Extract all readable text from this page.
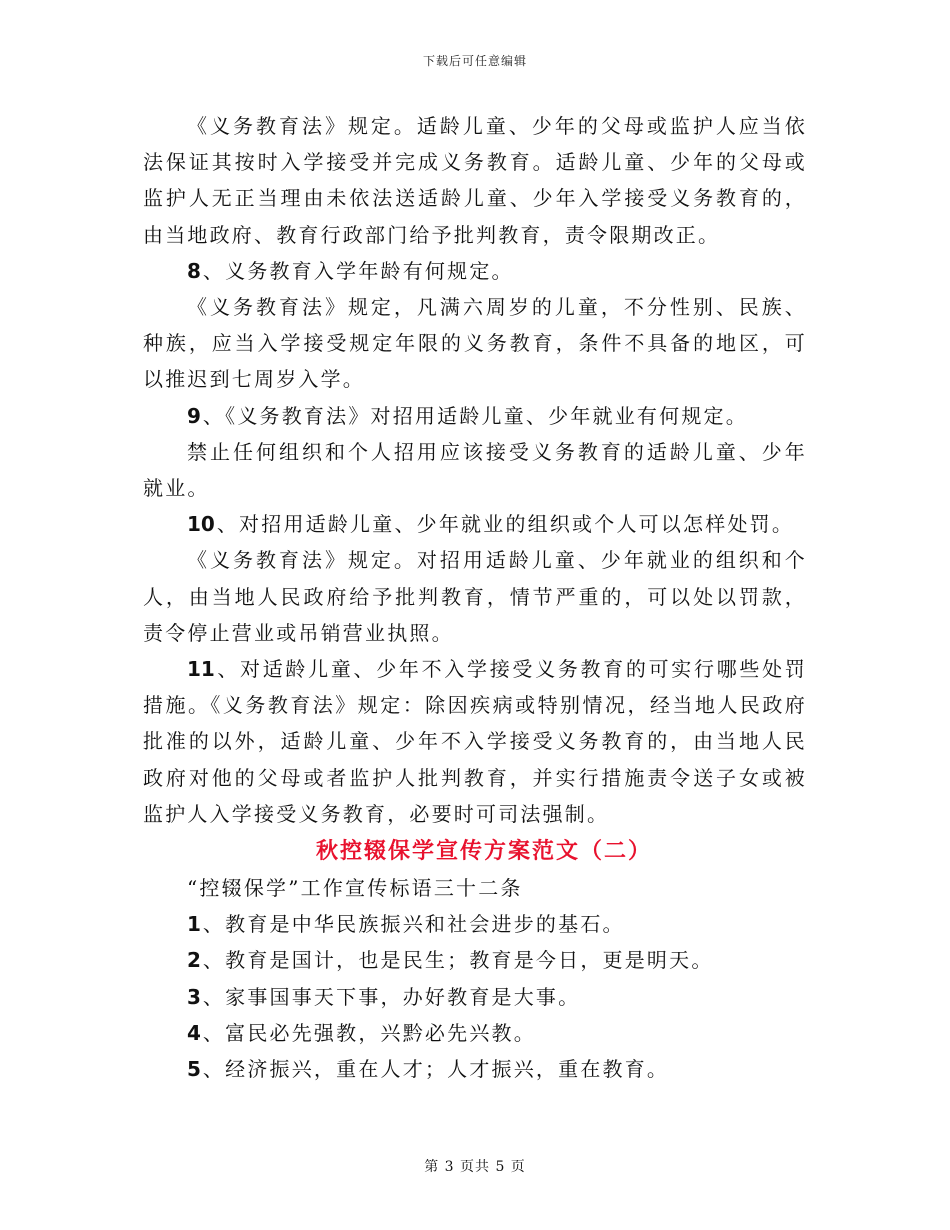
下载后可任意编辑

《义务教育法》规定。适龄儿童、少年的父母或监护人应当依法保证其按时入学接受并完成义务教育。适龄儿童、少年的父母或监护人无正当理由未依法送适龄儿童、少年入学接受义务教育的，由当地政府、教育行政部门给予批判教育，责令限期改正。

8 、义务教育入学年龄有何规定。

《义务教育法》规定，凡满六周岁的儿童，不分性别、民族、种族，应当入学接受规定年限的义务教育，条件不具备的地区，可以推迟到七周岁入学。

9 、《义务教育法》对招用适龄儿童、少年就业有何规定。

禁止任何组织和个人招用应该接受义务教育的适龄儿童、少年就业。

10 、对招用适龄儿童、少年就业的组织或个人可以怎样处罚。

《义务教育法》规定。对招用适龄儿童、少年就业的组织和个人，由当地人民政府给予批判教育，情节严重的，可以处以罚款，责令停止营业或吊销营业执照。

11 、对适龄儿童、少年不入学接受义务教育的可实行哪些处罚措施。《义务教育法》规定：除因疾病或特别情况，经当地人民政府批准的以外，适龄儿童、少年不入学接受义务教育的，由当地人民政府对他的父母或者监护人批判教育，并实行措施责令送子女或被监护人入学接受义务教育，必要时可司法强制。

秋控辍保学宣传方案范文（二）

“控辍保学”工作宣传标语三十二条

1 、教育是中华民族振兴和社会进步的基石。

2 、教育是国计，也是民生；教育是今日，更是明天。

3 、家事国事天下事，办好教育是大事。

4 、富民必先强教，兴黔必先兴教。

5 、经济振兴，重在人才；人才振兴，重在教育。

第 3 页共 5 页
